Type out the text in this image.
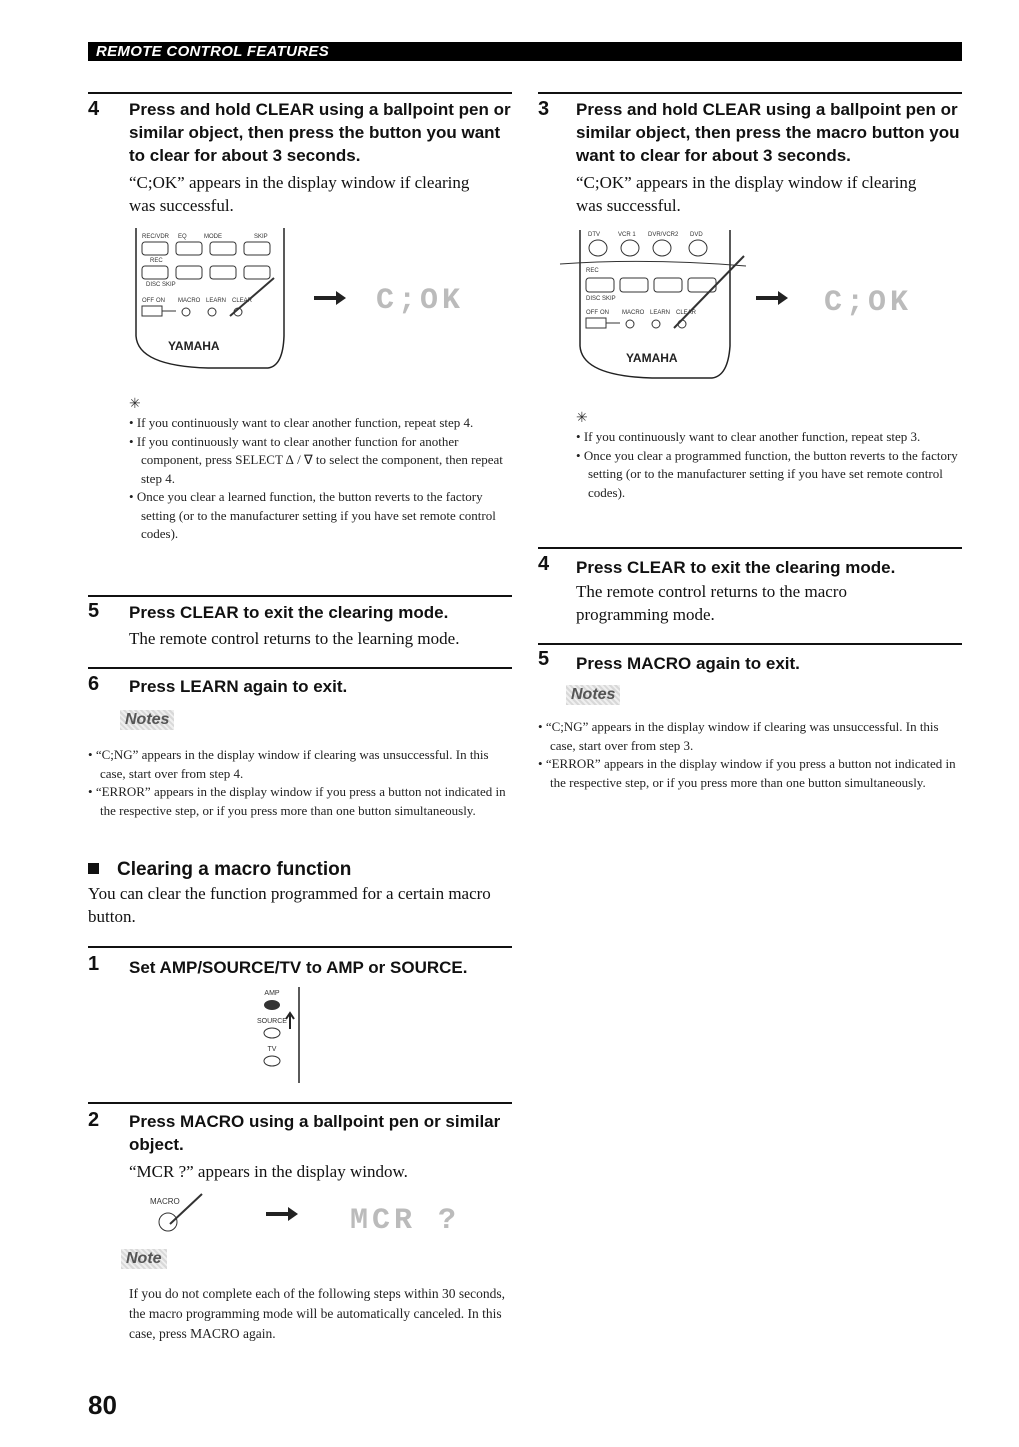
REMOTE CONTROL FEATURES
4 Press and hold CLEAR using a ballpoint pen or similar object, then press the button you want to clear for about 3 seconds.
“C;OK” appears in the display window if clearing was successful.
REC/VDR EQ	MODE	SKIP
REC
DISC SKIP
OFF ON MACRO LEARN CLEAR
YAMAHA
C;OK
✳

• If you continuously want to clear another function, repeat step 4.

• If you continuously want to clear another function for another component, press SELECT ∆ / ∇ to select the component, then repeat step 4.

• Once you clear a learned function, the button reverts to the factory setting (or to the manufacturer setting if you have set remote control codes).

5 Press CLEAR to exit the clearing mode.
The remote control returns to the learning mode.
6 Press LEARN again to exit.
Notes

• “C;NG” appears in the display window if clearing was unsuccessful. In this case, start over from step 4.

• “ERROR” appears in the display window if you press a button not indicated in the respective step, or if you press more than one button simultaneously.

Clearing a macro function
You can clear the function programmed for a certain macro button.
1 Set AMP/SOURCE/TV to AMP or SOURCE.
AMP
SOURCE
TV
2 Press MACRO using a ballpoint pen or similar object.
“MCR ?” appears in the display window.
MACRO
MCR ?
Note

If you do not complete each of the following steps within 30 seconds, the macro programming mode will be automatically canceled. In this case, press MACRO again.

80
3 Press and hold CLEAR using a ballpoint pen or similar object, then press the macro button you want to clear for about 3 seconds.
“C;OK” appears in the display window if clearing was successful.
DTV	VCR 1 DVR/VCR2 DVD
REC
DISC SKIP
OFF ON MACRO LEARN CLEAR
YAMAHA
C;OK
✳

• If you continuously want to clear another function, repeat step 3.

• Once you clear a programmed function, the button reverts to the factory setting (or to the manufacturer setting if you have set remote control codes).

4 Press CLEAR to exit the clearing mode.
The remote control returns to the macro programming mode.
5 Press MACRO again to exit.
Notes

• “C;NG” appears in the display window if clearing was unsuccessful. In this case, start over from step 3.

• “ERROR” appears in the display window if you press a button not indicated in the respective step, or if you press more than one button simultaneously.
